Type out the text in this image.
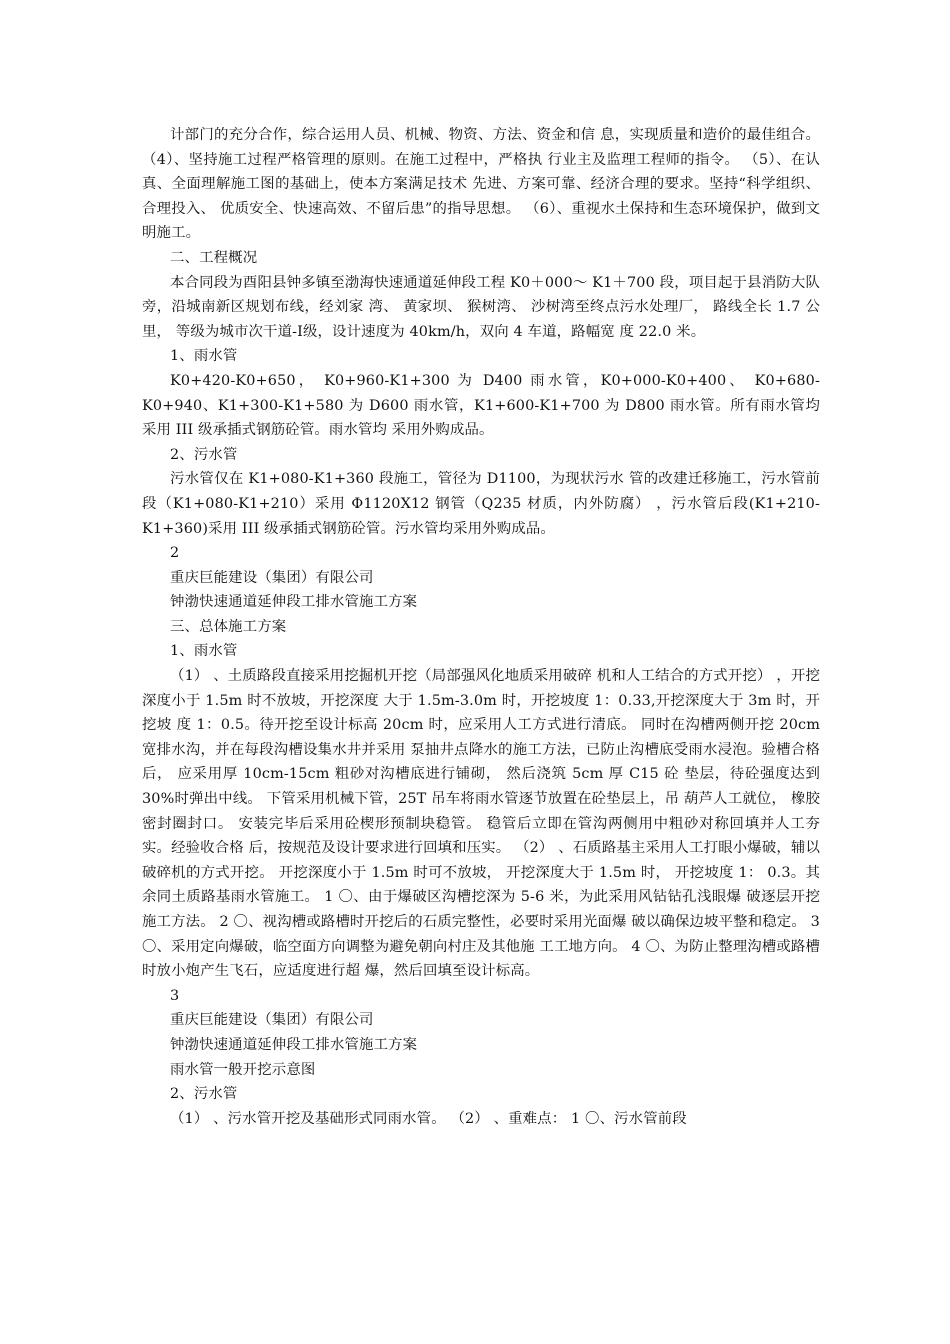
计部门的充分合作，综合运用人员、机械、物资、方法、资金和信 息，实现质量和造价的最佳组合。 （4）、坚持施工过程严格管理的原则。在施工过程中，严格执 行业主及监理工程师的指令。 （5）、在认真、全面理解施工图的基础上，使本方案满足技术 先进、方案可靠、经济合理的要求。坚持“科学组织、合理投入、 优质安全、快速高效、不留后患”的指导思想。 （6）、重视水土保持和生态环境保护，做到文明施工。

二、工程概况

本合同段为酉阳县钟多镇至渤海快速通道延伸段工程 K0＋000～ K1＋700 段，项目起于县消防大队旁，沿城南新区规划布线，经刘家 湾、 黄家坝、 猴树湾、 沙树湾至终点污水处理厂， 路线全长 1.7 公里， 等级为城市次干道-Ⅰ级，设计速度为 40km/h，双向 4 车道，路幅宽 度 22.0 米。

1、雨水管

K0+420-K0+650， K0+960-K1+300 为 D400 雨水管，K0+000-K0+400、 K0+680-K0+940、K1+300-K1+580 为 D600 雨水管，K1+600-K1+700 为 D800 雨水管。所有雨水管均采用 III 级承插式钢筋砼管。雨水管均 采用外购成品。

2、污水管

污水管仅在 K1+080-K1+360 段施工，管径为 D1100，为现状污水 管的改建迁移施工，污水管前段（K1+080-K1+210）采用 Φ1120X12 钢管（Q235 材质，内外防腐） ，污水管后段(K1+210-K1+360)采用 III 级承插式钢筋砼管。污水管均采用外购成品。

2

重庆巨能建设（集团）有限公司

钟渤快速通道延伸段工排水管施工方案

三、总体施工方案

1、雨水管

（1） 、土质路段直接采用挖掘机开挖（局部强风化地质采用破碎 机和人工结合的方式开挖） ，开挖深度小于 1.5m 时不放坡，开挖深度 大于 1.5m-3.0m 时，开挖坡度 1：0.33,开挖深度大于 3m 时，开挖坡 度 1：0.5。待开挖至设计标高 20cm 时，应采用人工方式进行清底。 同时在沟槽两侧开挖 20cm 宽排水沟，并在每段沟槽设集水井并采用 泵抽井点降水的施工方法，已防止沟槽底受雨水浸泡。验槽合格后， 应采用厚 10cm-15cm 粗砂对沟槽底进行铺砌， 然后浇筑 5cm 厚 C15 砼 垫层，待砼强度达到 30%时弹出中线。 下管采用机械下管，25T 吊车将雨水管逐节放置在砼垫层上，吊 葫芦人工就位， 橡胶密封圈封口。 安装完毕后采用砼楔形预制块稳管。 稳管后立即在管沟两侧用中粗砂对称回填并人工夯实。经验收合格 后，按规范及设计要求进行回填和压实。 （2） 、石质路基主采用人工打眼小爆破，辅以破碎机的方式开挖。 开挖深度小于 1.5m 时可不放坡， 开挖深度大于 1.5m 时， 开挖坡度 1： 0.3。其余同土质路基雨水管施工。 1 〇、由于爆破区沟槽挖深为 5-6 米，为此采用风钻钻孔浅眼爆 破逐层开挖施工方法。 2 〇、视沟槽或路槽时开挖后的石质完整性，必要时采用光面爆 破以确保边坡平整和稳定。 3 〇、采用定向爆破，临空面方向调整为避免朝向村庄及其他施 工工地方向。 4 〇、为防止整理沟槽或路槽时放小炮产生飞石，应适度进行超 爆，然后回填至设计标高。

3

重庆巨能建设（集团）有限公司

钟渤快速通道延伸段工排水管施工方案

雨水管一般开挖示意图

2、污水管

（1） 、污水管开挖及基础形式同雨水管。 （2） 、重难点： 1 〇、污水管前段
